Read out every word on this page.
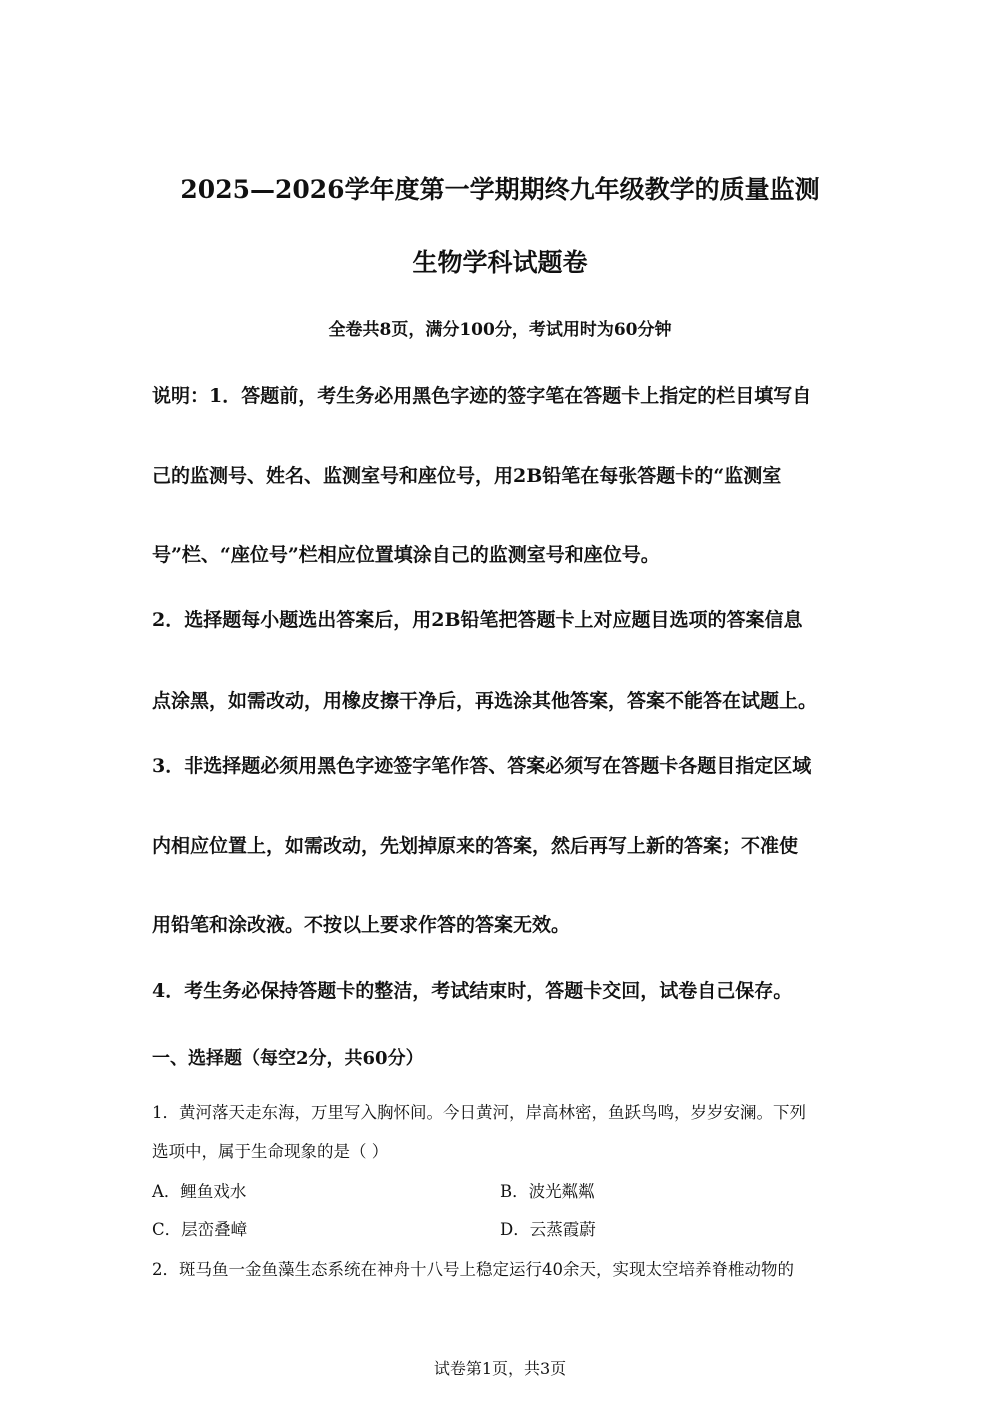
2025—2026学年度第一学期期终九年级教学的质量监测
生物学科试题卷
全卷共8页，满分100分，考试用时为60分钟
说明：1．答题前，考生务必用黑色字迹的签字笔在答题卡上指定的栏目填写自
己的监测号、姓名、监测室号和座位号，用2B铅笔在每张答题卡的“监测室
号”栏、“座位号”栏相应位置填涂自己的监测室号和座位号。
2．选择题每小题选出答案后，用2B铅笔把答题卡上对应题目选项的答案信息
点涂黑，如需改动，用橡皮擦干净后，再选涂其他答案，答案不能答在试题上。
3．非选择题必须用黑色字迹签字笔作答、答案必须写在答题卡各题目指定区域
内相应位置上，如需改动，先划掉原来的答案，然后再写上新的答案；不准使
用铅笔和涂改液。不按以上要求作答的答案无效。
4．考生务必保持答题卡的整洁，考试结束时，答题卡交回，试卷自己保存。
一、选择题（每空2分，共60分）
1．黄河落天走东海，万里写入胸怀间。今日黄河，岸高林密，鱼跃鸟鸣，岁岁安澜。下列
选项中，属于生命现象的是（ ）
A．鲤鱼戏水	B．波光粼粼
C．层峦叠嶂	D．云蒸霞蔚
2．斑马鱼一金鱼藻生态系统在神舟十八号上稳定运行40余天，实现太空培养脊椎动物的
试卷第1页，共3页
